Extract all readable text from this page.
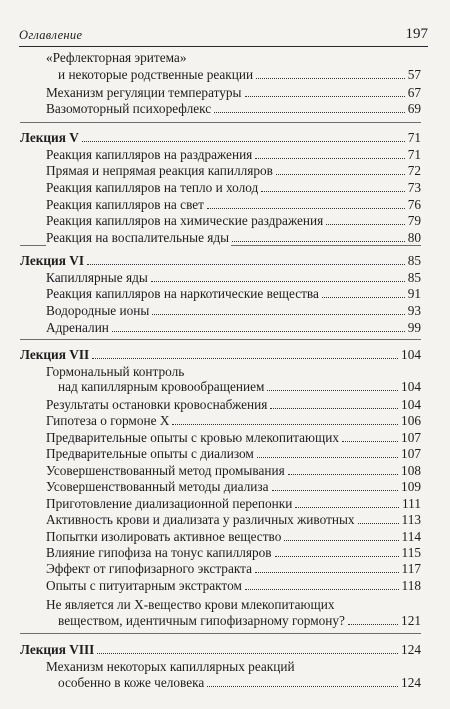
Оглавление	197
«Рефлекторная эритема»
и некоторые родственные реакции	57
Механизм регуляции температуры	67
Вазомоторный психорефлекс	69
Лекция V	71
Реакция капилляров на раздражения	71
Прямая и непрямая реакция капилляров	72
Реакция капилляров на тепло и холод	73
Реакция капилляров на свет	76
Реакция капилляров на химические раздражения	79
Реакция на воспалительные яды	80
Лекция VI	85
Капиллярные яды	85
Реакция капилляров на наркотические вещества	91
Водородные ионы	93
Адреналин	99
Лекция VII	104
Гормональный контроль
над капиллярным кровообращением	104
Результаты остановки кровоснабжения	104
Гипотеза о гормоне X	106
Предварительные опыты с кровью млекопитающих	107
Предварительные опыты с диализом	107
Усовершенствованный метод промывания	108
Усовершенствованный методы диализа	109
Приготовление диализационной перепонки	111
Активность крови и диализата у различных животных	113
Попытки изолировать активное вещество	114
Влияние гипофиза на тонус капилляров	115
Эффект от гипофизарного экстракта	117
Опыты с питуитарным экстрактом	118
Не является ли X-вещество крови млекопитающих
веществом, идентичным гипофизарному гормону?	121
Лекция VIII	124
Механизм некоторых капиллярных реакций
особенно в коже человека	124
